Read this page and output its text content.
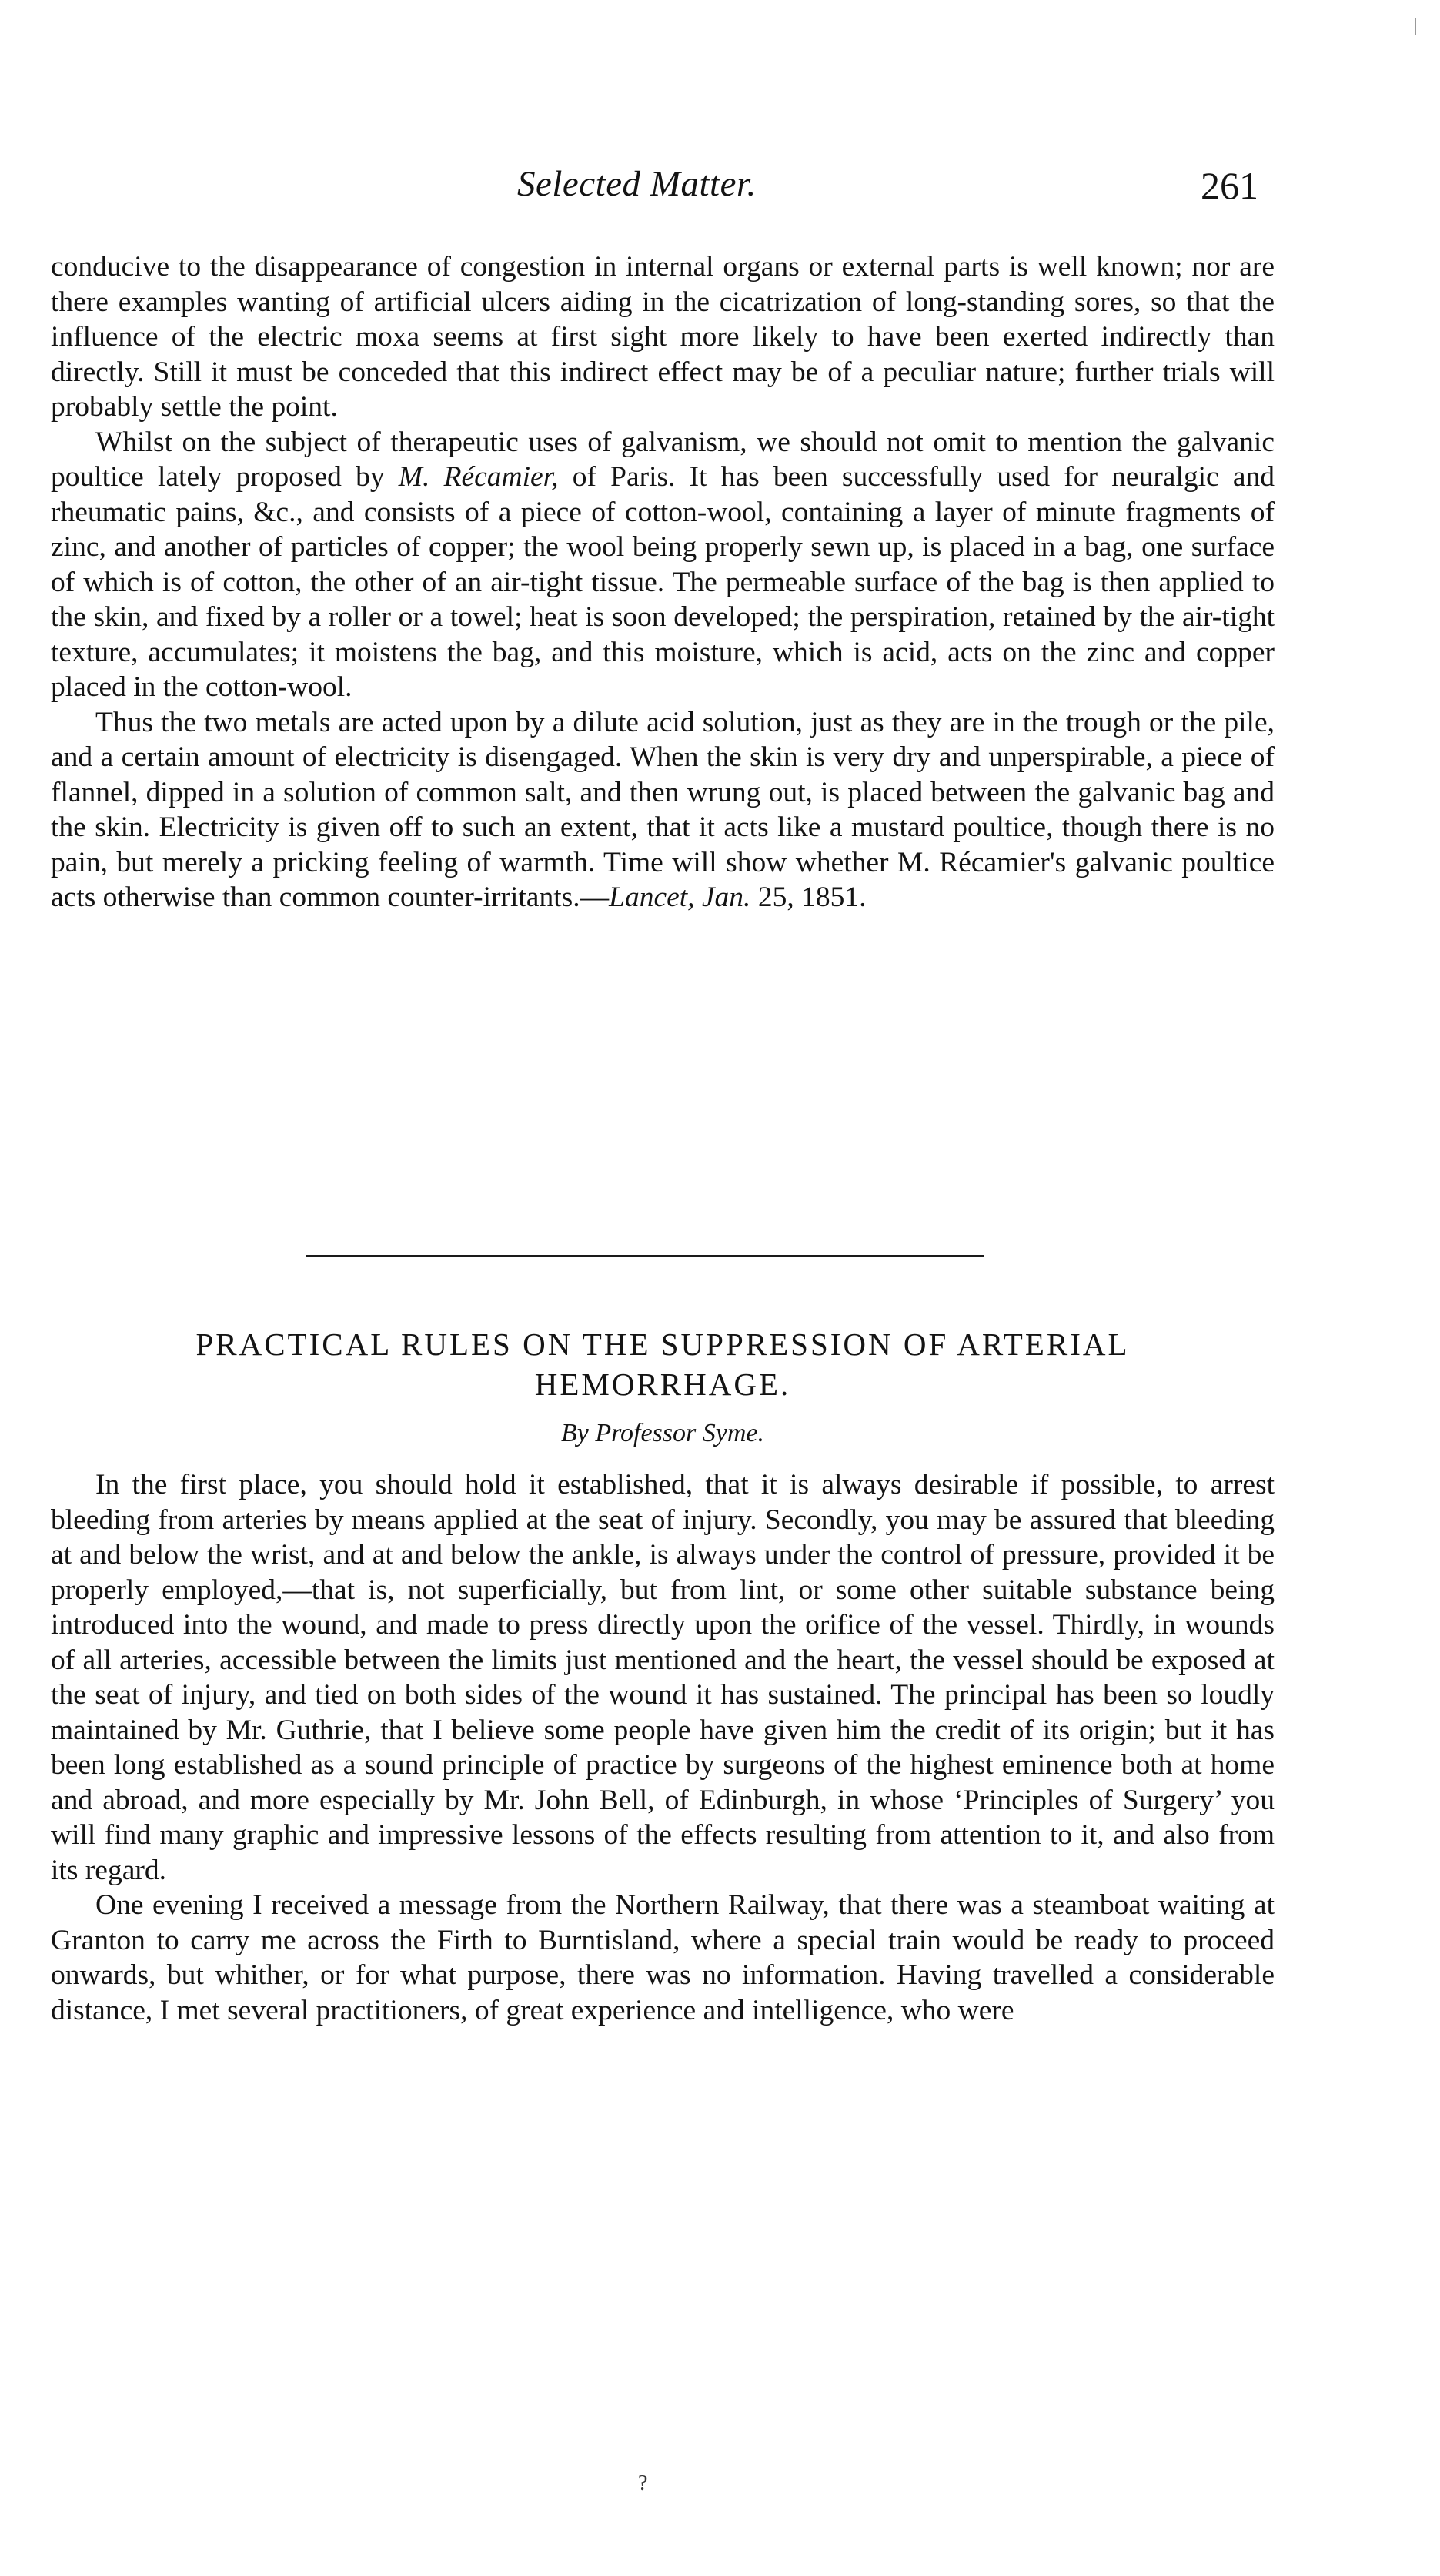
Selected Matter.	261

conducive to the disappearance of congestion in internal organs or external parts is well known; nor are there examples wanting of artificial ulcers aiding in the cicatrization of long-standing sores, so that the influence of the electric moxa seems at first sight more likely to have been exerted indirectly than directly. Still it must be conceded that this indirect effect may be of a peculiar nature; further trials will probably settle the point.

Whilst on the subject of therapeutic uses of galvanism, we should not omit to mention the galvanic poultice lately proposed by M. Récamier, of Paris. It has been successfully used for neuralgic and rheumatic pains, &c., and consists of a piece of cotton-wool, containing a layer of minute fragments of zinc, and another of particles of copper; the wool being properly sewn up, is placed in a bag, one surface of which is of cotton, the other of an air-tight tissue. The permeable surface of the bag is then applied to the skin, and fixed by a roller or a towel; heat is soon developed; the perspiration, retained by the air-tight texture, accumulates; it moistens the bag, and this moisture, which is acid, acts on the zinc and copper placed in the cotton-wool.

Thus the two metals are acted upon by a dilute acid solution, just as they are in the trough or the pile, and a certain amount of electricity is disengaged. When the skin is very dry and unperspirable, a piece of flannel, dipped in a solution of common salt, and then wrung out, is placed between the galvanic bag and the skin. Electricity is given off to such an extent, that it acts like a mustard poultice, though there is no pain, but merely a pricking feeling of warmth. Time will show whether M. Récamier's galvanic poultice acts otherwise than common counter-irritants.—Lancet, Jan. 25, 1851.

PRACTICAL RULES ON THE SUPPRESSION OF ARTERIAL
HEMORRHAGE.
By Professor Syme.

In the first place, you should hold it established, that it is always desirable if possible, to arrest bleeding from arteries by means applied at the seat of injury. Secondly, you may be assured that bleeding at and below the wrist, and at and below the ankle, is always under the control of pressure, provided it be properly employed,—that is, not superficially, but from lint, or some other suitable substance being introduced into the wound, and made to press directly upon the orifice of the vessel. Thirdly, in wounds of all arteries, accessible between the limits just mentioned and the heart, the vessel should be exposed at the seat of injury, and tied on both sides of the wound it has sustained. The principal has been so loudly maintained by Mr. Guthrie, that I believe some people have given him the credit of its origin; but it has been long established as a sound principle of practice by surgeons of the highest eminence both at home and abroad, and more especially by Mr. John Bell, of Edinburgh, in whose ‘Principles of Surgery’ you will find many graphic and impressive lessons of the effects resulting from attention to it, and also from its regard.

One evening I received a message from the Northern Railway, that there was a steamboat waiting at Granton to carry me across the Firth to Burntisland, where a special train would be ready to proceed onwards, but whither, or for what purpose, there was no information. Having travelled a considerable distance, I met several practitioners, of great experience and intelligence, who were

?
